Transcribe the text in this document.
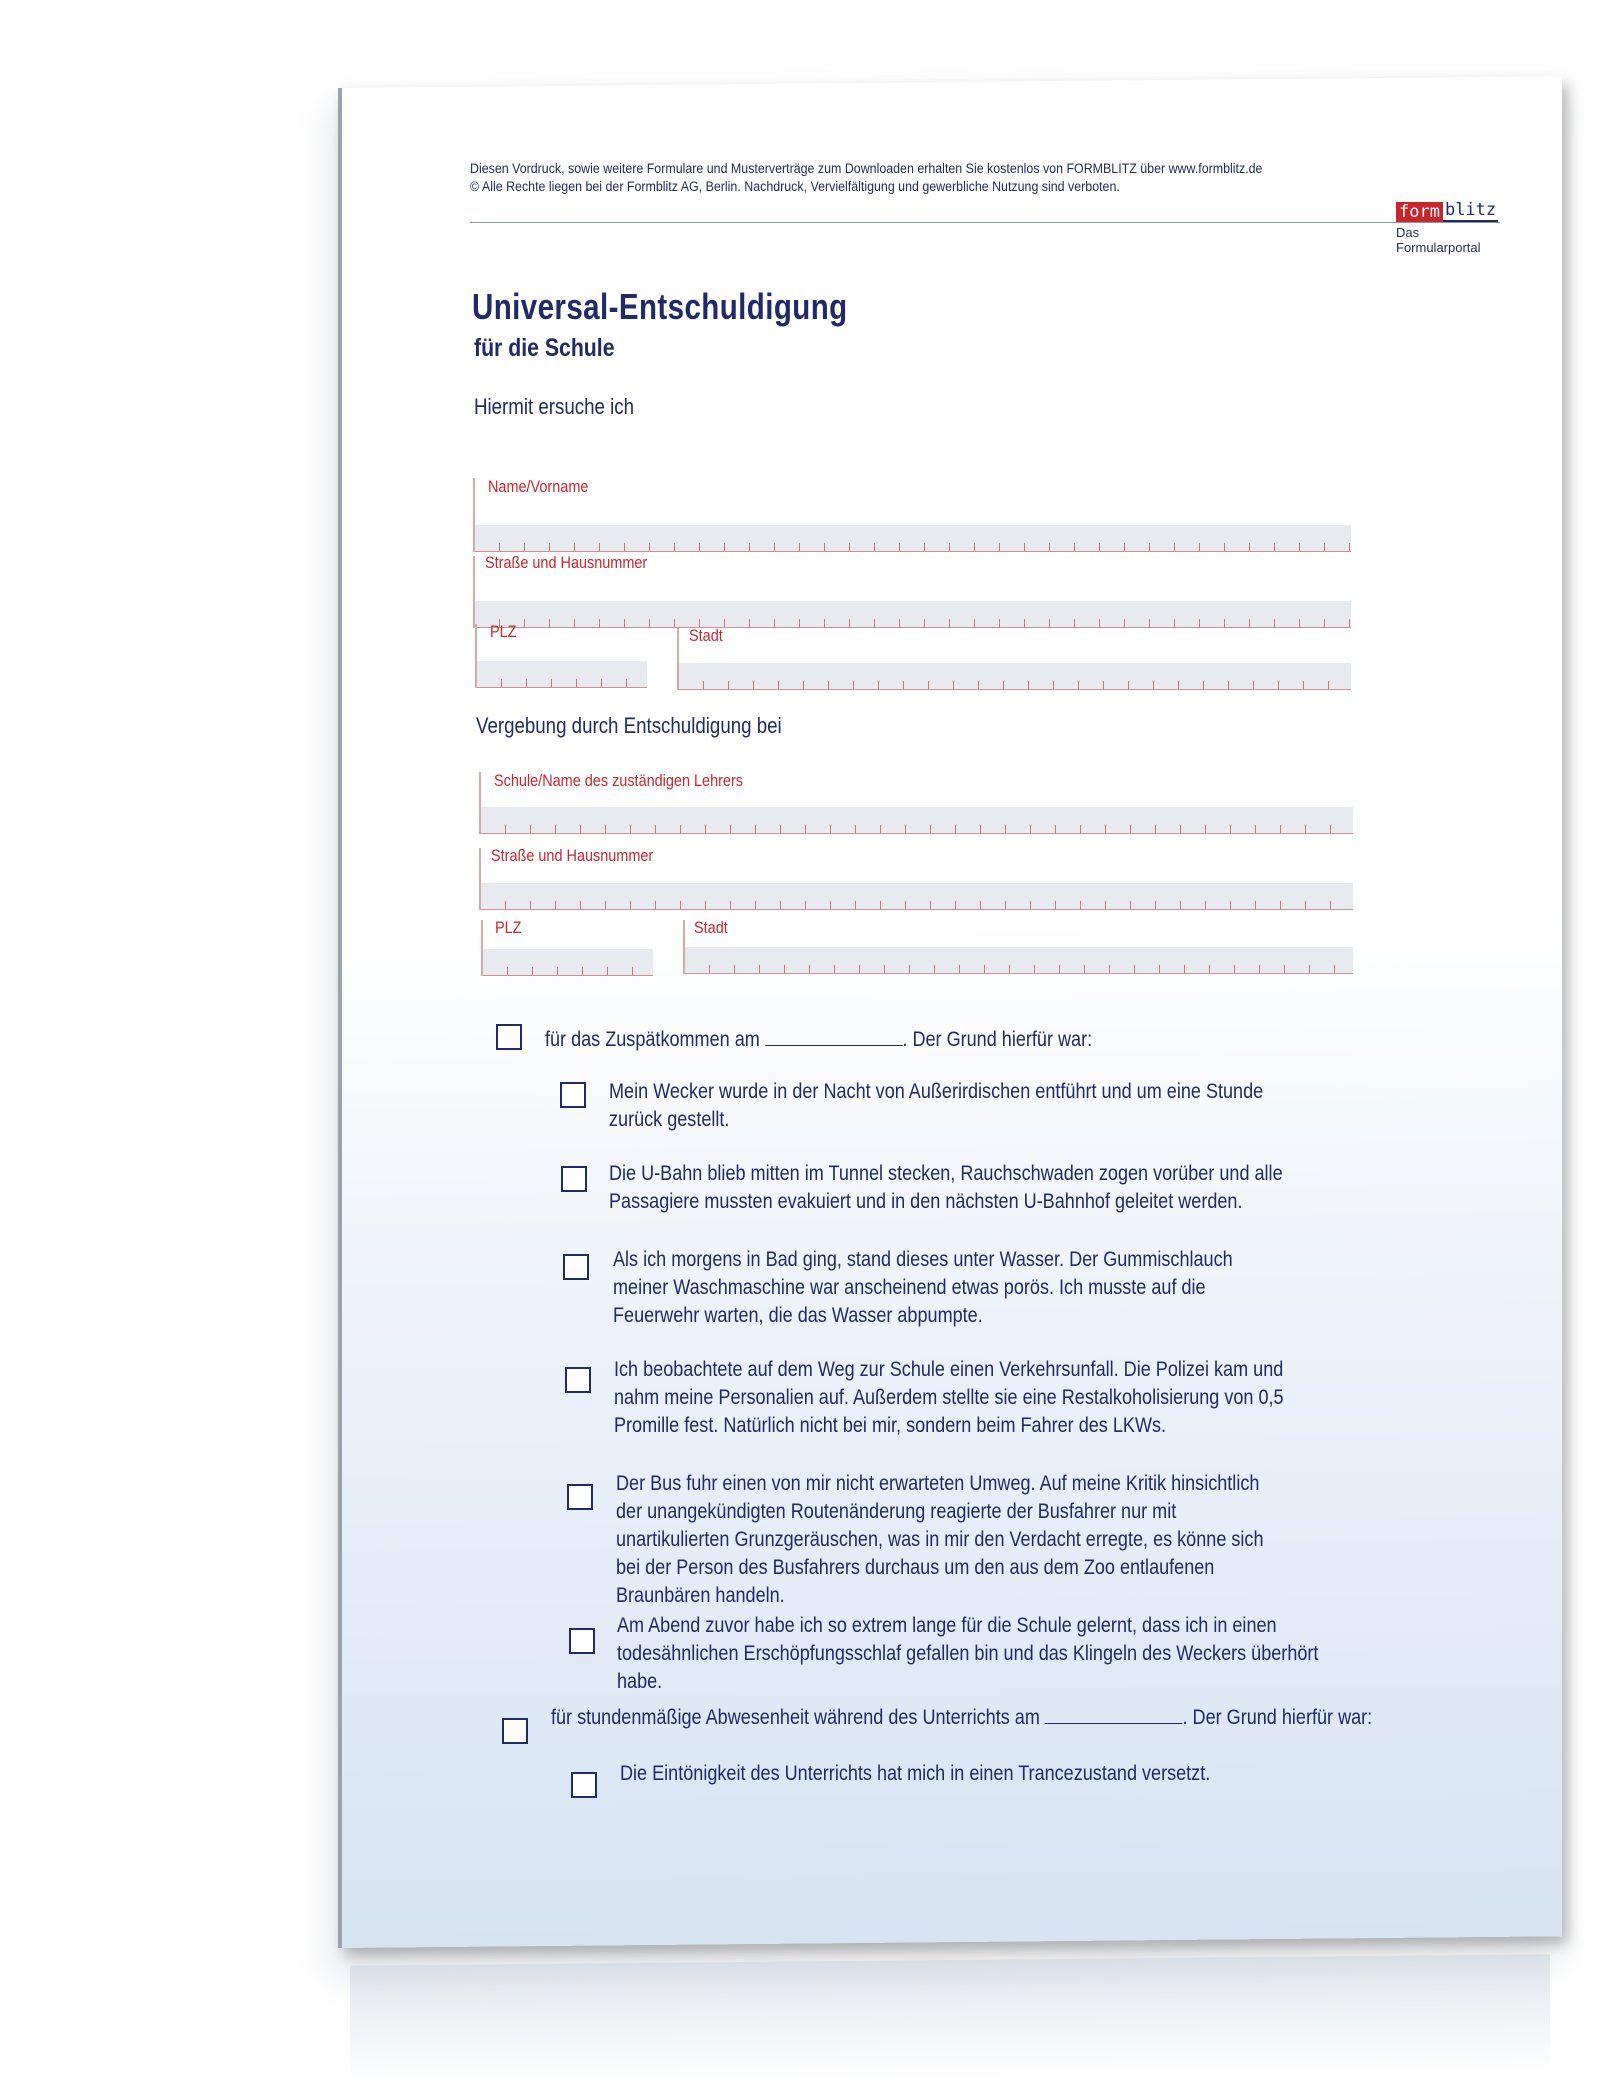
Diesen Vordruck, sowie weitere Formulare und Musterverträge zum Downloaden erhalten Sie kostenlos von FORMBLITZ über www.formblitz.de
© Alle Rechte liegen bei der Formblitz AG, Berlin. Nachdruck, Vervielfältigung und gewerbliche Nutzung sind verboten.
form blitz
Das Formularportal
Universal-Entschuldigung
für die Schule
Hiermit ersuche ich
Name/Vorname
Straße und Hausnummer
PLZ	Stadt
Vergebung durch Entschuldigung bei
Schule/Name des zuständigen Lehrers
Straße und Hausnummer
PLZ	Stadt
für das Zuspätkommen am	. Der Grund hierfür war:
Mein Wecker wurde in der Nacht von Außerirdischen entführt und um eine Stunde zurück gestellt.
Die U-Bahn blieb mitten im Tunnel stecken, Rauchschwaden zogen vorüber und alle Passagiere mussten evakuiert und in den nächsten U-Bahnhof geleitet werden.
Als ich morgens in Bad ging, stand dieses unter Wasser. Der Gummischlauch meiner Waschmaschine war anscheinend etwas porös. Ich musste auf die Feuerwehr warten, die das Wasser abpumpte.
Ich beobachtete auf dem Weg zur Schule einen Verkehrsunfall. Die Polizei kam und nahm meine Personalien auf. Außerdem stellte sie eine Restalkoholisierung von 0,5 Promille fest. Natürlich nicht bei mir, sondern beim Fahrer des LKWs.
Der Bus fuhr einen von mir nicht erwarteten Umweg. Auf meine Kritik hinsichtlich der unangekündigten Routenänderung reagierte der Busfahrer nur mit unartikulierten Grunzgeräuschen, was in mir den Verdacht erregte, es könne sich bei der Person des Busfahrers durchaus um den aus dem Zoo entlaufenen Braunbären handeln.
Am Abend zuvor habe ich so extrem lange für die Schule gelernt, dass ich in einen todesähnlichen Erschöpfungsschlaf gefallen bin und das Klingeln des Weckers überhört habe.
für stundenmäßige Abwesenheit während des Unterrichts am	. Der Grund hierfür war:
Die Eintönigkeit des Unterrichts hat mich in einen Trancezustand versetzt.
